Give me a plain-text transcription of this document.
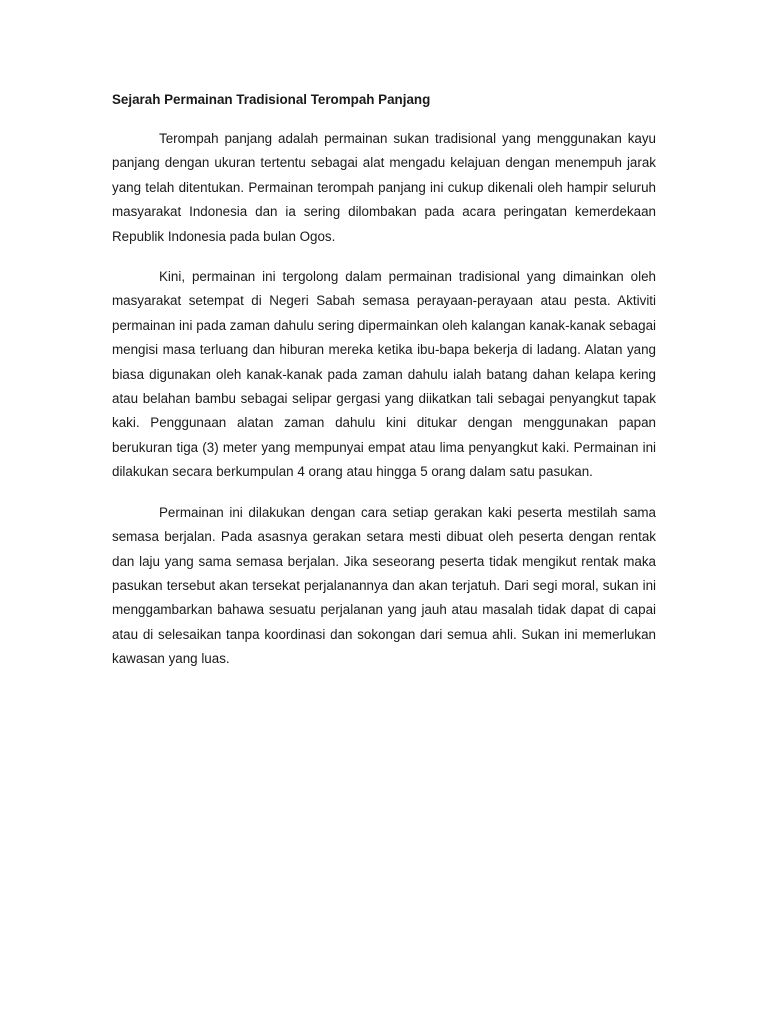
Sejarah Permainan Tradisional Terompah Panjang

Terompah panjang adalah permainan sukan tradisional yang menggunakan kayu panjang dengan ukuran tertentu sebagai alat mengadu kelajuan dengan menempuh jarak yang telah ditentukan. Permainan terompah panjang ini cukup dikenali oleh hampir seluruh masyarakat Indonesia dan ia sering dilombakan pada acara peringatan kemerdekaan Republik Indonesia pada bulan Ogos.

Kini, permainan ini tergolong dalam permainan tradisional yang dimainkan oleh masyarakat setempat di Negeri Sabah semasa perayaan-perayaan atau pesta. Aktiviti permainan ini pada zaman dahulu sering dipermainkan oleh kalangan kanak-kanak sebagai mengisi masa terluang dan hiburan mereka ketika ibu-bapa bekerja di ladang. Alatan yang biasa digunakan oleh kanak-kanak pada zaman dahulu ialah batang dahan kelapa kering atau belahan bambu sebagai selipar gergasi yang diikatkan tali sebagai penyangkut tapak kaki. Penggunaan alatan zaman dahulu kini ditukar dengan menggunakan papan berukuran tiga (3) meter yang mempunyai empat atau lima penyangkut kaki. Permainan ini dilakukan secara berkumpulan 4 orang atau hingga 5 orang dalam satu pasukan.

Permainan ini dilakukan dengan cara setiap gerakan kaki peserta mestilah sama semasa berjalan. Pada asasnya gerakan setara mesti dibuat oleh peserta dengan rentak dan laju yang sama semasa berjalan. Jika seseorang peserta tidak mengikut rentak maka pasukan tersebut akan tersekat perjalanannya dan akan terjatuh. Dari segi moral, sukan ini menggambarkan bahawa sesuatu perjalanan yang jauh atau masalah tidak dapat di capai atau di selesaikan tanpa koordinasi dan sokongan dari semua ahli. Sukan ini memerlukan kawasan yang luas.
